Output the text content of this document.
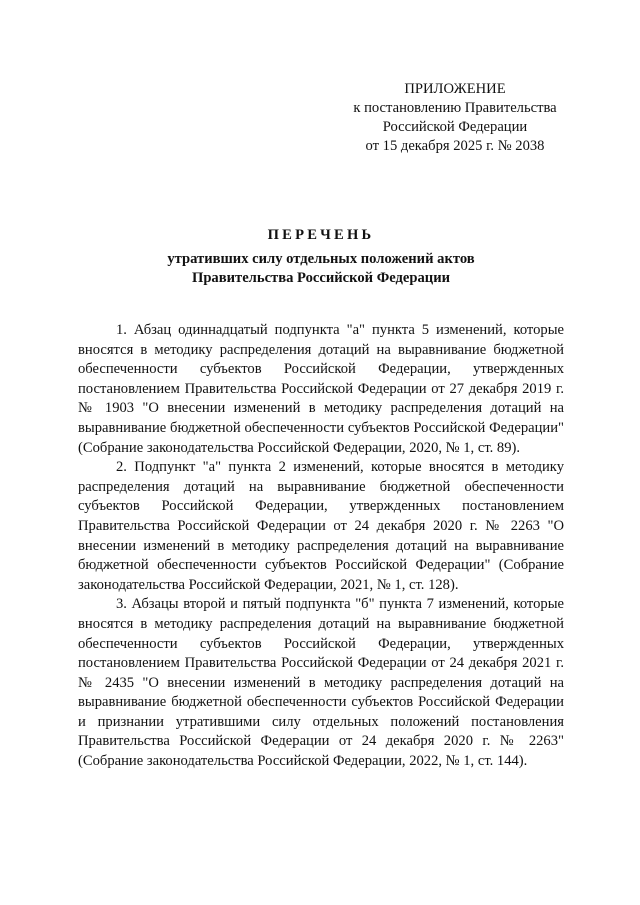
ПРИЛОЖЕНИЕ
к постановлению Правительства
Российской Федерации
от 15 декабря 2025 г. № 2038
ПЕРЕЧЕНЬ
утративших силу отдельных положений актов
Правительства Российской Федерации

1. Абзац одиннадцатый подпункта "а" пункта 5 изменений, которые вносятся в методику распределения дотаций на выравнивание бюджетной обеспеченности субъектов Российской Федерации, утвержденных постановлением Правительства Российской Федерации от 27 декабря 2019 г. № 1903 "О внесении изменений в методику распределения дотаций на выравнивание бюджетной обеспеченности субъектов Российской Федерации" (Собрание законодательства Российской Федерации, 2020, № 1, ст. 89).

2. Подпункт "а" пункта 2 изменений, которые вносятся в методику распределения дотаций на выравнивание бюджетной обеспеченности субъектов Российской Федерации, утвержденных постановлением Правительства Российской Федерации от 24 декабря 2020 г. № 2263 "О внесении изменений в методику распределения дотаций на выравнивание бюджетной обеспеченности субъектов Российской Федерации" (Собрание законодательства Российской Федерации, 2021, № 1, ст. 128).

3. Абзацы второй и пятый подпункта "б" пункта 7 изменений, которые вносятся в методику распределения дотаций на выравнивание бюджетной обеспеченности субъектов Российской Федерации, утвержденных постановлением Правительства Российской Федерации от 24 декабря 2021 г. № 2435 "О внесении изменений в методику распределения дотаций на выравнивание бюджетной обеспеченности субъектов Российской Федерации и признании утратившими силу отдельных положений постановления Правительства Российской Федерации от 24 декабря 2020 г. № 2263" (Собрание законодательства Российской Федерации, 2022, № 1, ст. 144).
